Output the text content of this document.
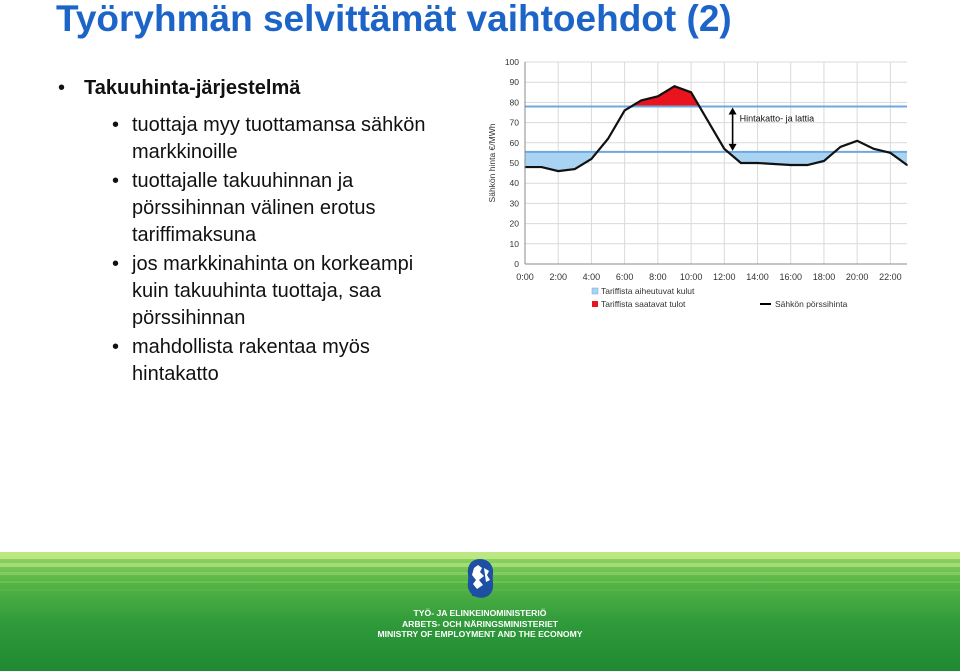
Työryhmän selvittämät vaihtoehdot (2)
• Takuuhinta-järjestelmä
• tuottaja myy tuottamansa sähkön markkinoille
• tuottajalle takuuhinnan ja pörssihinnan välinen erotus tariffimaksuna
• jos markkinahinta on korkeampi kuin takuuhinta tuottaja, saa pörssihinnan
• mahdollista rakentaa myös hintakatto
Hintakatto- ja lattia
100
90
80
70
60
50
40
30
20
10
0
0:00 2:00 4:00 6:00 8:00 10:00 12:00 14:00 16:00 18:00 20:00 22:00
Sähkön hinta €/MWh
Tariffista aiheutuvat kulut
Tariffista saatavat tulot	Sähkön pörssihinta
TYÖ- JA ELINKEINOMINISTERIÖ
ARBETS- OCH NÄRINGSMINISTERIET
MINISTRY OF EMPLOYMENT AND THE ECONOMY
